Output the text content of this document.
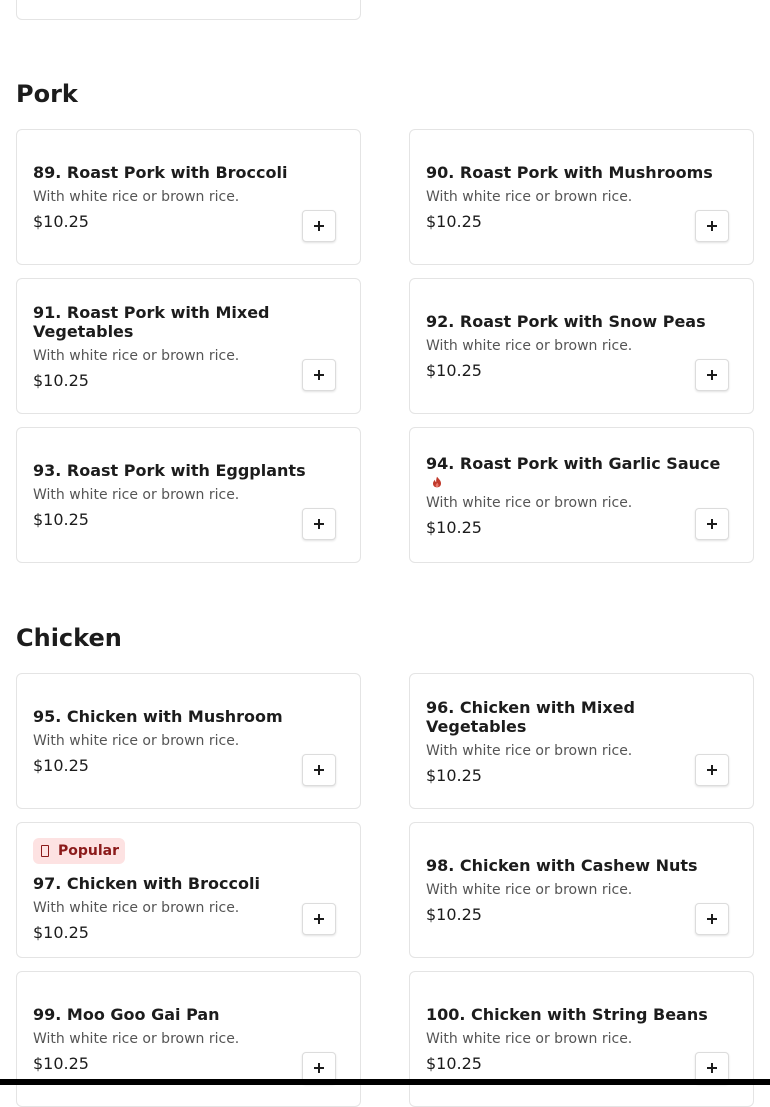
Pork
89. Roast Pork with Broccoli
With white rice or brown rice.
$10.25
90. Roast Pork with Mushrooms
With white rice or brown rice.
$10.25
91. Roast Pork with Mixed Vegetables
With white rice or brown rice.
$10.25
92. Roast Pork with Snow Peas
With white rice or brown rice.
$10.25
93. Roast Pork with Eggplants
With white rice or brown rice.
$10.25
94. Roast Pork with Garlic Sauce
With white rice or brown rice.
$10.25
Chicken
95. Chicken with Mushroom
With white rice or brown rice.
$10.25
96. Chicken with Mixed Vegetables
With white rice or brown rice.
$10.25
Popular
97. Chicken with Broccoli
With white rice or brown rice.
$10.25
98. Chicken with Cashew Nuts
With white rice or brown rice.
$10.25
99. Moo Goo Gai Pan
With white rice or brown rice.
$10.25
100. Chicken with String Beans
With white rice or brown rice.
$10.25
